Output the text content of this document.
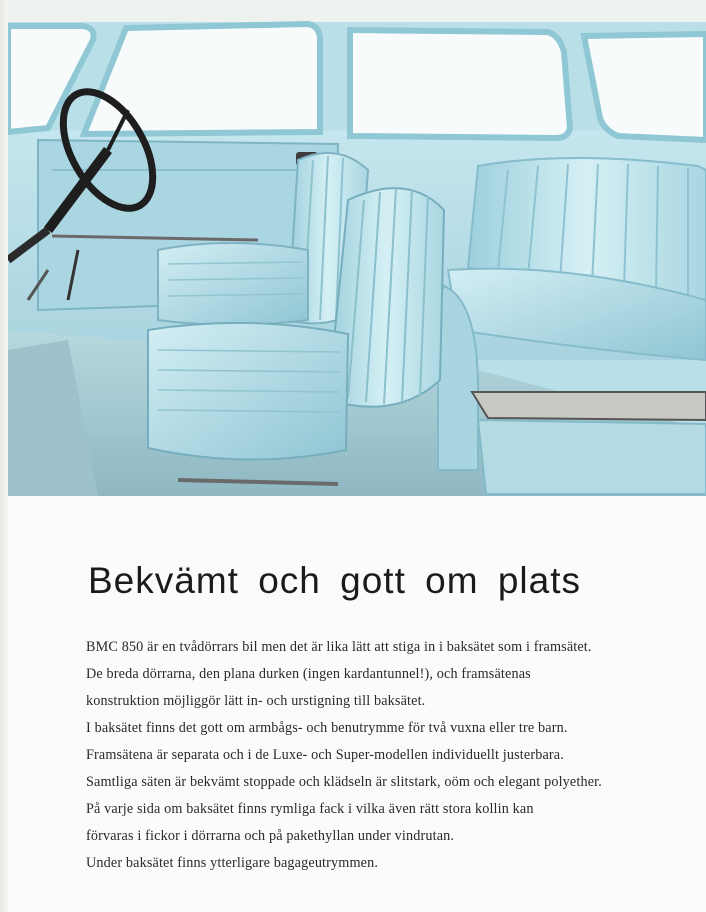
Bekvämt och gott om plats
BMC 850 är en tvådörrars bil men det är lika lätt att stiga in i baksätet som i framsätet.
De breda dörrarna, den plana durken (ingen kardantunnel!), och framsätenas
konstruktion möjliggör lätt in- och urstigning till baksätet.
I baksätet finns det gott om armbågs- och benutrymme för två vuxna eller tre barn.
Framsätena är separata och i de Luxe- och Super-modellen individuellt justerbara.
Samtliga säten är bekvämt stoppade och klädseln är slitstark, oöm och elegant polyether.
På varje sida om baksätet finns rymliga fack i vilka även rätt stora kollin kan
förvaras i fickor i dörrarna och på pakethyllan under vindrutan.
Under baksätet finns ytterligare bagageutrymmen.
